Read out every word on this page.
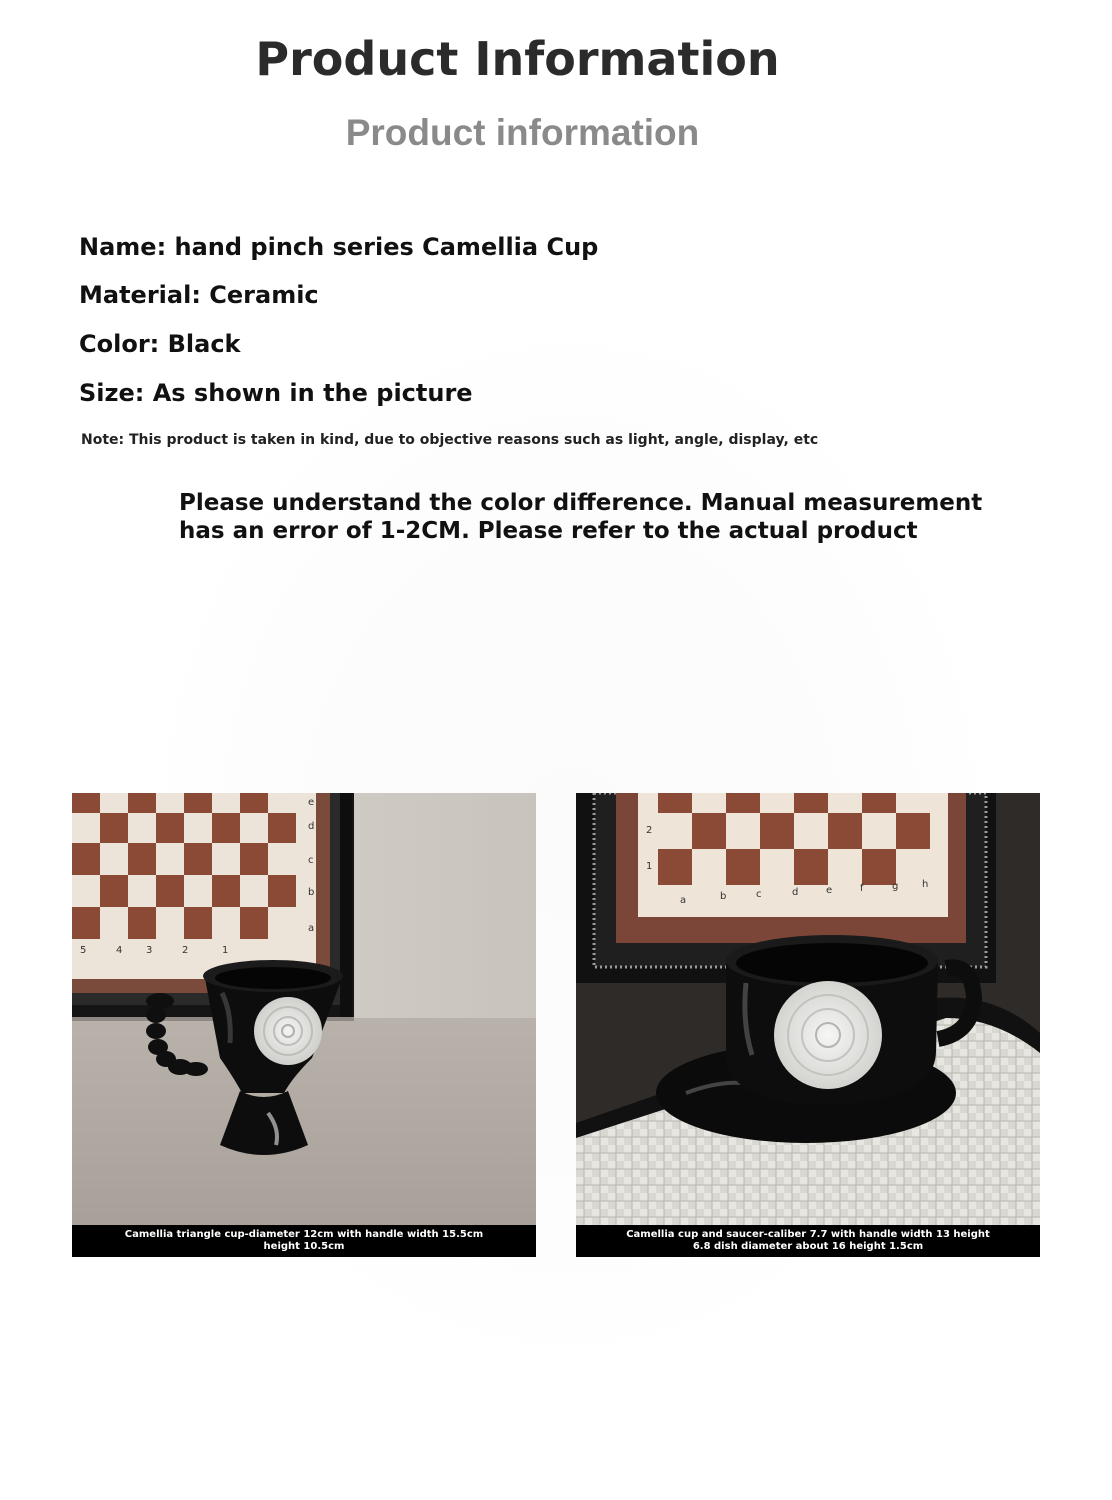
Product Information
Product information

Name: hand pinch series Camellia Cup

Material: Ceramic

Color: Black

Size: As shown in the picture

Note: This product is taken in kind, due to objective reasons such as light, angle, display, etc

Please understand the color difference. Manual measurement has an error of 1-2CM. Please refer to the actual product

e
d
c
b
a
5	4 3	2	1
Camellia triangle cup-diameter 12cm with handle width 15.5cm height 10.5cm
2
1
a	b	c	d	e	f	g h
Camellia cup and saucer-caliber 7.7 with handle width 13 height 6.8 dish diameter about 16 height 1.5cm
